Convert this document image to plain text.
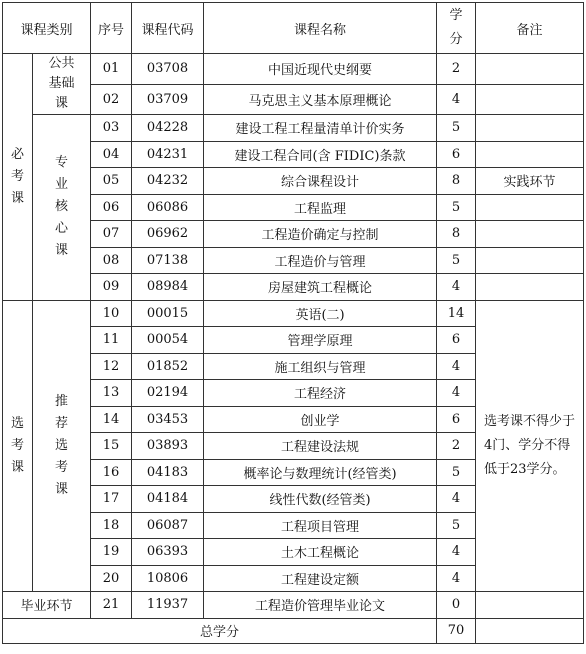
课程类别		序号	课程代码	课程名称	学分	备注

必考课	公共基础课	01	03708	中国近现代史纲要	2	
		02	03709	马克思主义基本原理概论	4	

	专业核心课	03	04228	建设工程工程量清单计价实务	5	
		04	04231	建设工程合同(含 FIDIC)条款	6	
		05	04232	综合课程设计	8	实践环节
		06	06086	工程监理	5	
		07	06962	工程造价确定与控制	8	
		08	07138	工程造价与管理	5	
		09	08984	房屋建筑工程概论	4	

选考课	推荐选考课	10	00015	英语(二)	14	选考课不得少于4门、学分不得低于23学分。
		11	00054	管理学原理	6	
		12	01852	施工组织与管理	4	
		13	02194	工程经济	4	
		14	03453	创业学	6	
		15	03893	工程建设法规	2	
		16	04183	概率论与数理统计(经管类)	5	
		17	04184	线性代数(经管类)	4	
		18	06087	工程项目管理	5	
		19	06393	土木工程概论	4	
		20	10806	工程建设定额	4	
毕业环节		21	11937	工程造价管理毕业论文	0	
总学分					70	
